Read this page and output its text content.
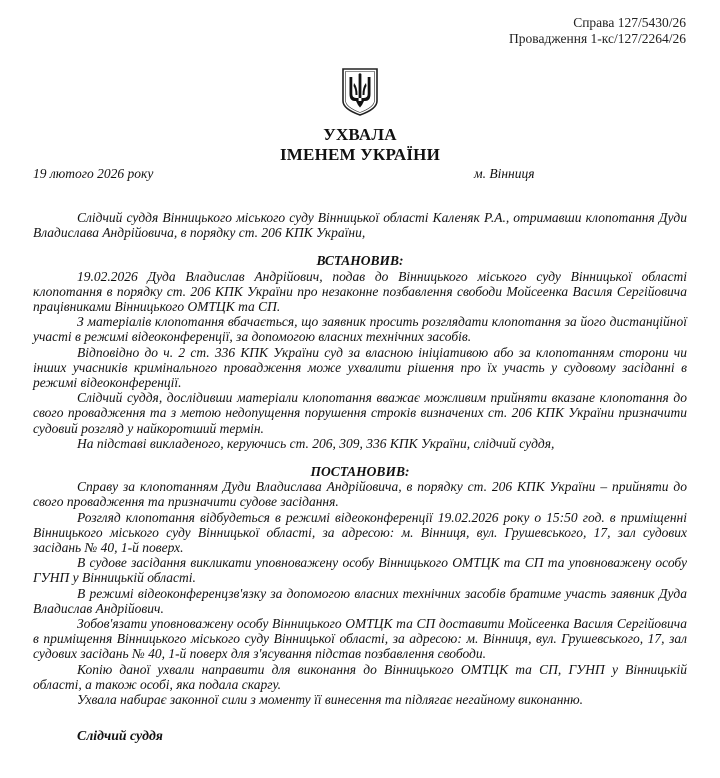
Справа 127/5430/26
Провадження 1-кс/127/2264/26
УХВАЛА
ІМЕНЕМ УКРАЇНИ
19 лютого 2026 року	м. Вінниця

Слідчий суддя Вінницького міського суду Вінницької області Каленяк Р.А., отримавши клопотання Дуди Владислава Андрійовича, в порядку ст. 206 КПК України,

ВСТАНОВИВ:

19.02.2026 Дуда Владислав Андрійович, подав до Вінницького міського суду Вінницької області клопотання в порядку ст. 206 КПК України про незаконне позбавлення свободи Мойсеенка Василя Сергійовича працівниками Вінницького ОМТЦК та СП.

З матеріалів клопотання вбачається, що заявник просить розглядати клопотання за його дистанційної участі в режимі відеоконференції, за допомогою власних технічних засобів.

Відповідно до ч. 2 ст. 336 КПК України суд за власною ініціативою або за клопотанням сторони чи інших учасників кримінального провадження може ухвалити рішення про їх участь у судовому засіданні в режимі відеоконференції.

Слідчий суддя, дослідивши матеріали клопотання вважає можливим прийняти вказане клопотання до свого провадження та з метою недопущення порушення строків визначених ст. 206 КПК України призначити судовий розгляд у найкоротший термін.

На підставі викладеного, керуючись ст. 206, 309, 336 КПК України, слідчий суддя,

ПОСТАНОВИВ:

Справу за клопотанням Дуди Владислава Андрійовича, в порядку ст. 206 КПК України – прийняти до свого провадження та призначити судове засідання.

Розгляд клопотання відбудеться в режимі відеоконференції 19.02.2026 року о 15:50 год. в приміщенні Вінницького міського суду Вінницької області, за адресою: м. Вінниця, вул. Грушевського, 17, зал судових засідань № 40, 1-й поверх.

В судове засідання викликати уповноважену особу Вінницького ОМТЦК та СП та уповноважену особу ГУНП у Вінницькій області.

В режимі відеоконференцзв'язку за допомогою власних технічних засобів братиме участь заявник Дуда Владислав Андрійович.

Зобов'язати уповноважену особу Вінницького ОМТЦК та СП доставити Мойсеенка Василя Сергійовича в приміщення Вінницького міського суду Вінницької області, за адресою: м. Вінниця, вул. Грушевського, 17, зал судових засідань № 40, 1-й поверх для з'ясування підстав позбавлення свободи.

Копію даної ухвали направити для виконання до Вінницького ОМТЦК та СП, ГУНП у Вінницькій області, а також особі, яка подала скаргу.

Ухвала набирає законної сили з моменту її винесення та підлягає негайному виконанню.

Слідчий суддя
